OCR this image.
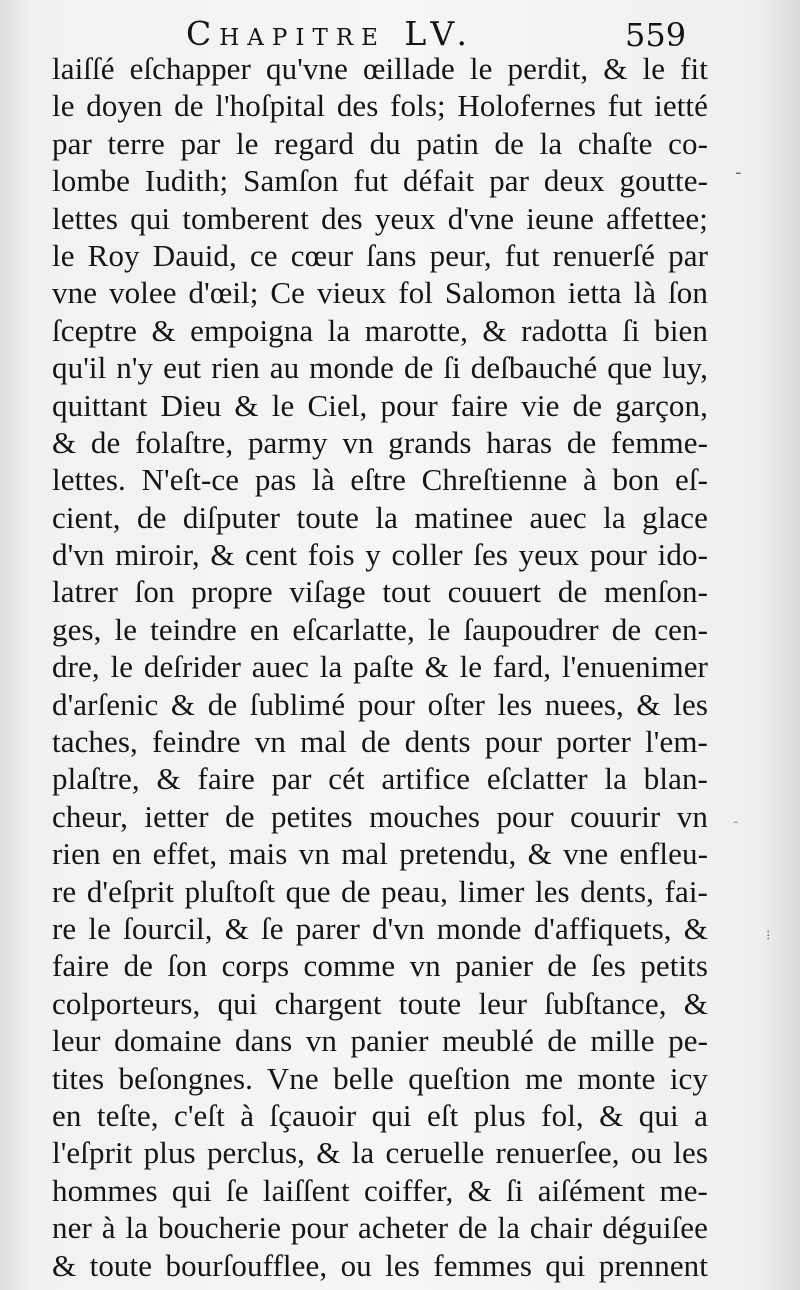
Chapitre LV.	559
laiſſé eſchapper qu'vne œillade le perdit, & le fit
le doyen de l'hoſpital des fols; Holofernes fut ietté
par terre par le regard du patin de la chaſte co-
lombe Iudith; Samſon fut défait par deux goutte-
lettes qui tomberent des yeux d'vne ieune affettee;
le Roy Dauid, ce cœur ſans peur, fut renuerſé par
vne volee d'œil; Ce vieux fol Salomon ietta là ſon
ſceptre & empoigna la marotte, & radotta ſi bien
qu'il n'y eut rien au monde de ſi deſbauché que luy,
quittant Dieu & le Ciel, pour faire vie de garçon,
& de folaſtre, parmy vn grands haras de femme-
lettes. N'eſt-ce pas là eſtre Chreſtienne à bon eſ-
cient, de diſputer toute la matinee auec la glace
d'vn miroir, & cent fois y coller ſes yeux pour ido-
latrer ſon propre viſage tout couuert de menſon-
ges, le teindre en eſcarlatte, le ſaupoudrer de cen-
dre, le deſrider auec la paſte & le fard, l'enuenimer
d'arſenic & de ſublimé pour oſter les nuees, & les
taches, feindre vn mal de dents pour porter l'em-
plaſtre, & faire par cét artifice eſclatter la blan-
cheur, ietter de petites mouches pour couurir vn
rien en effet, mais vn mal pretendu, & vne enfleu-
re d'eſprit pluſtoſt que de peau, limer les dents, fai-
re le ſourcil, & ſe parer d'vn monde d'affiquets, &
faire de ſon corps comme vn panier de ſes petits
colporteurs, qui chargent toute leur ſubſtance, &
leur domaine dans vn panier meublé de mille pe-
tites beſongnes. Vne belle queſtion me monte icy
en teſte, c'eſt à ſçauoir qui eſt plus fol, & qui a
l'eſprit plus perclus, & la ceruelle renuerſee, ou les
hommes qui ſe laiſſent coiffer, & ſi aiſément me-
ner à la boucherie pour acheter de la chair déguiſee
& toute bourſoufflee, ou les femmes qui prennent
-
-
⁝
